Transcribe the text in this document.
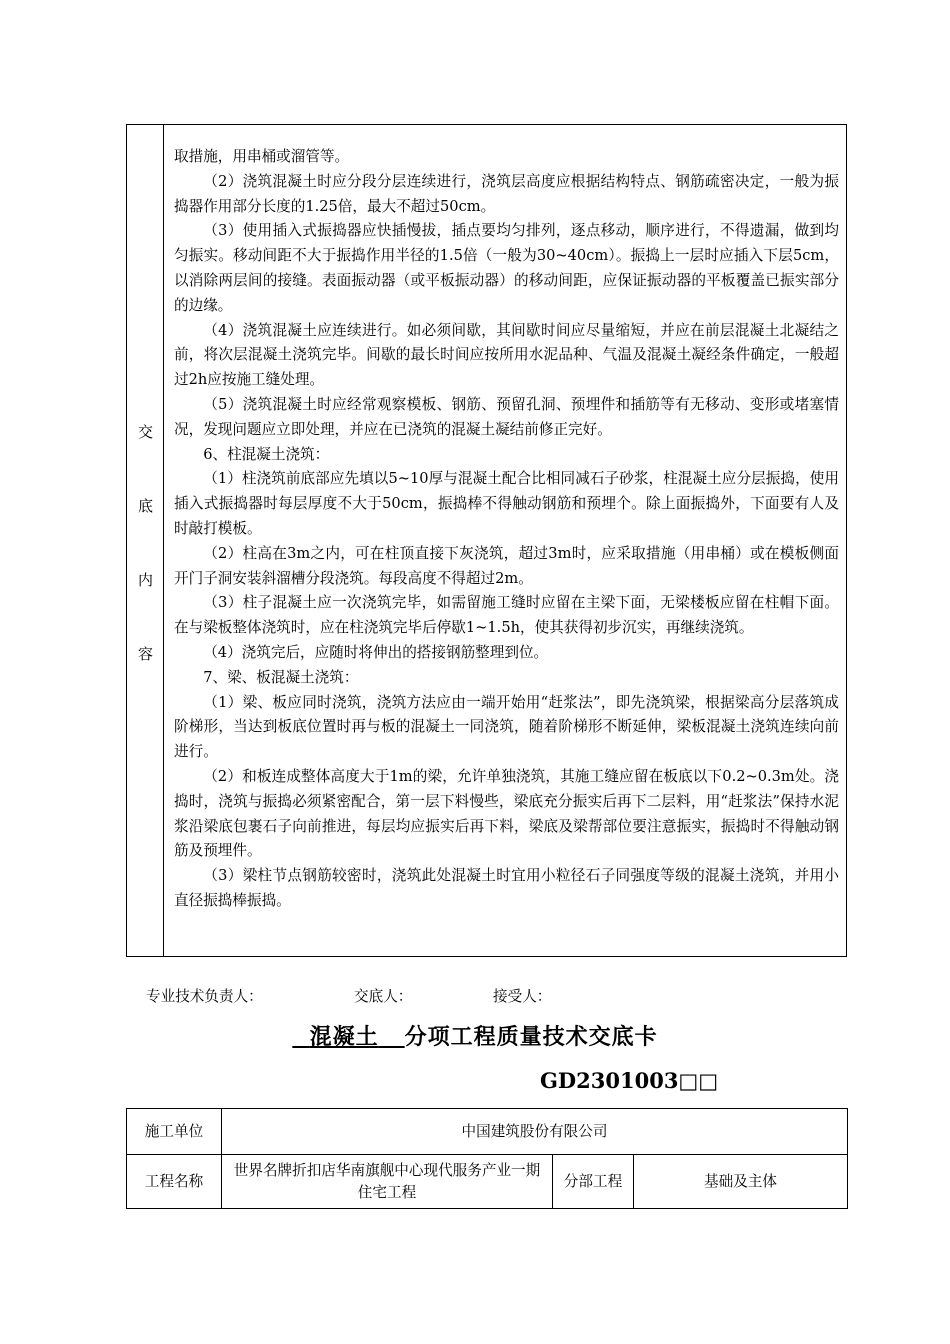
交
底
内
容

取措施，用串桶或溜管等。

（2）浇筑混凝土时应分段分层连续进行，浇筑层高度应根据结构特点、钢筋疏密决定，一般为振捣器作用部分长度的1.25倍，最大不超过50cm。

（3）使用插入式振捣器应快插慢拔，插点要均匀排列，逐点移动，顺序进行，不得遗漏，做到均匀振实。移动间距不大于振捣作用半径的1.5倍（一般为30~40cm）。振捣上一层时应插入下层5cm，以消除两层间的接缝。表面振动器（或平板振动器）的移动间距，应保证振动器的平板覆盖已振实部分的边缘。

（4）浇筑混凝土应连续进行。如必须间歇，其间歇时间应尽量缩短，并应在前层混凝土北凝结之前，将次层混凝土浇筑完毕。间歇的最长时间应按所用水泥品种、气温及混凝土凝经条件确定，一般超过2h应按施工缝处理。

（5）浇筑混凝土时应经常观察模板、钢筋、预留孔洞、预埋件和插筋等有无移动、变形或堵塞情况，发现问题应立即处理，并应在已浇筑的混凝土凝结前修正完好。

6、柱混凝土浇筑：

（1）柱浇筑前底部应先填以5~10厚与混凝土配合比相同减石子砂浆，柱混凝土应分层振捣，使用插入式振捣器时每层厚度不大于50cm，振捣棒不得触动钢筋和预埋个。除上面振捣外，下面要有人及时敲打模板。

（2）柱高在3m之内，可在柱顶直接下灰浇筑，超过3m时，应采取措施（用串桶）或在模板侧面开门子洞安装斜溜槽分段浇筑。每段高度不得超过2m。

（3）柱子混凝土应一次浇筑完毕，如需留施工缝时应留在主梁下面，无梁楼板应留在柱帽下面。在与梁板整体浇筑时，应在柱浇筑完毕后停歇1~1.5h，使其获得初步沉实，再继续浇筑。

（4）浇筑完后，应随时将伸出的搭接钢筋整理到位。

7、梁、板混凝土浇筑：

（1）梁、板应同时浇筑，浇筑方法应由一端开始用“赶浆法”，即先浇筑梁，根据梁高分层落筑成阶梯形，当达到板底位置时再与板的混凝土一同浇筑，随着阶梯形不断延伸，梁板混凝土浇筑连续向前进行。

（2）和板连成整体高度大于1m的梁，允许单独浇筑，其施工缝应留在板底以下0.2~0.3m处。浇捣时，浇筑与振捣必须紧密配合，第一层下料慢些，梁底充分振实后再下二层料，用“赶浆法”保持水泥浆沿梁底包裹石子向前推进，每层均应振实后再下料，梁底及梁帮部位要注意振实，振捣时不得触动钢筋及预埋件。

（3）梁柱节点钢筋较密时，浇筑此处混凝土时宜用小粒径石子同强度等级的混凝土浇筑，并用小直径振捣棒振捣。

专业技术负责人：	交底人：	接受人：
混凝土 分项工程质量技术交底卡
GD2301003□□
施工单位	中国建筑股份有限公司		
工程名称	世界名牌折扣店华南旗舰中心现代服务产业一期住宅工程	分部工程	基础及主体
